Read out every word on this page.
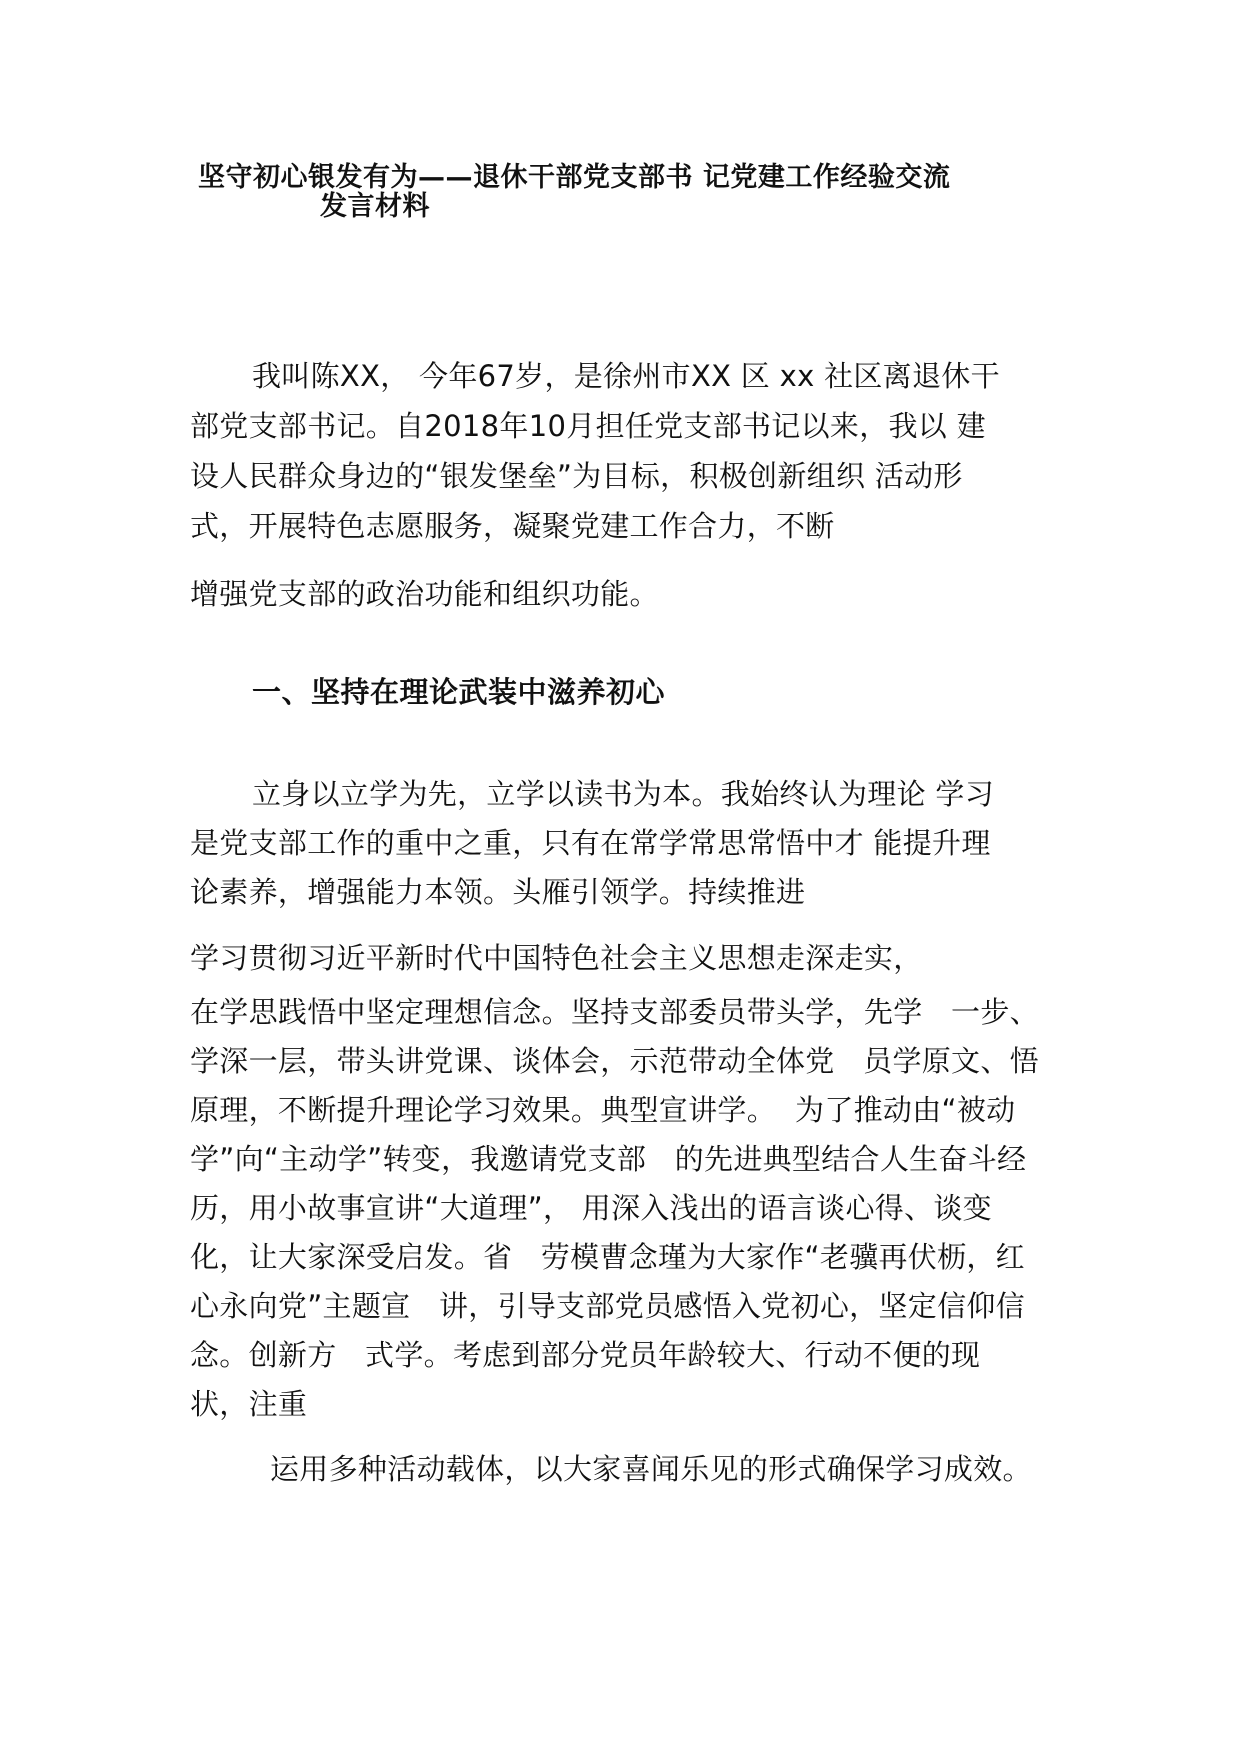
坚守初心银发有为——退休干部党支部书 记党建工作经验交流
发言材料
我叫陈XX， 今年67岁，是徐州市XX 区 xx 社区离退休干
部党支部书记。自2018年10月担任党支部书记以来，我以 建
设人民群众身边的“银发堡垒”为目标，积极创新组织 活动形
式，开展特色志愿服务，凝聚党建工作合力，不断
增强党支部的政治功能和组织功能。
一、坚持在理论武装中滋养初心
立身以立学为先，立学以读书为本。我始终认为理论 学习
是党支部工作的重中之重，只有在常学常思常悟中才 能提升理
论素养，增强能力本领。头雁引领学。持续推进
学习贯彻习近平新时代中国特色社会主义思想走深走实，
在学思践悟中坚定理想信念。坚持支部委员带头学，先学   一步、
学深一层，带头讲党课、谈体会，示范带动全体党   员学原文、悟
原理，不断提升理论学习效果。典型宣讲学。  为了推动由“被动
学”向“主动学”转变，我邀请党支部   的先进典型结合人生奋斗经
历，用小故事宣讲“大道理”， 用深入浅出的语言谈心得、谈变
化，让大家深受启发。省   劳模曹念瑾为大家作“老骥再伏枥，红
心永向党”主题宣   讲，引导支部党员感悟入党初心，坚定信仰信
念。创新方   式学。考虑到部分党员年龄较大、行动不便的现
状，注重
运用多种活动载体，以大家喜闻乐见的形式确保学习成效。
